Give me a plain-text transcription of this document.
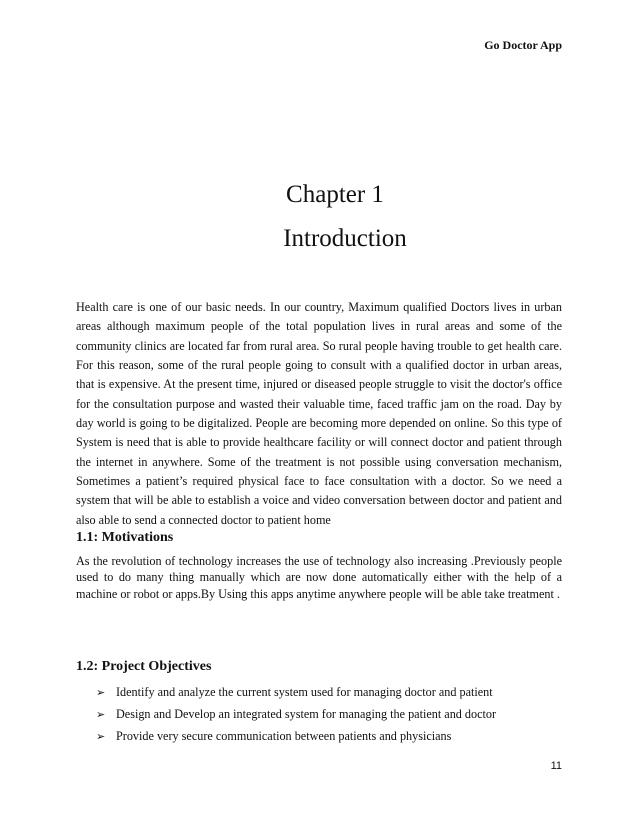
Go Doctor App
Chapter 1
Introduction

Health care is one of our basic needs. In our country, Maximum qualified Doctors lives in urban areas although maximum people of the total population lives in rural areas and some of the community clinics are located far from rural area. So rural people having trouble to get health care. For this reason, some of the rural people going to consult with a qualified doctor in urban areas, that is expensive. At the present time, injured or diseased people struggle to visit the doctor's office for the consultation purpose and wasted their valuable time, faced traffic jam on the road. Day by day world is going to be digitalized. People are becoming more depended on online. So this type of System is need that is able to provide healthcare facility or will connect doctor and patient through the internet in anywhere. Some of the treatment is not possible using conversation mechanism, Sometimes a patient’s required physical face to face consultation with a doctor. So we need a system that will be able to establish a voice and video conversation between doctor and patient and also able to send a connected doctor to patient home

1.1: Motivations

As the revolution of technology increases the use of technology also increasing .Previously people used to do many thing manually which are now done automatically either with the help of a machine or robot or apps.By Using this apps anytime anywhere people will be able take treatment .

1.2: Project Objectives
➢ Identify and analyze the current system used for managing doctor and patient
➢ Design and Develop an integrated system for managing the patient and doctor
➢ Provide very secure communication between patients and physicians
11
